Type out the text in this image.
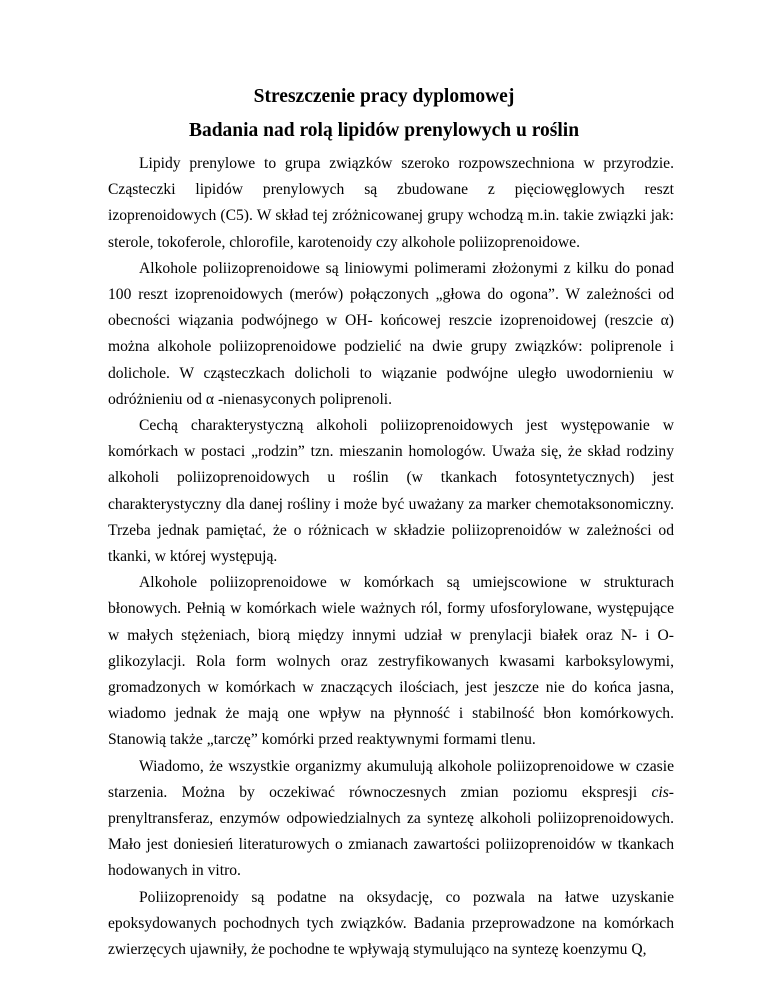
Streszczenie pracy dyplomowej
Badania nad rolą lipidów prenylowych u roślin

Lipidy prenylowe to grupa związków szeroko rozpowszechniona w przyrodzie. Cząsteczki lipidów prenylowych są zbudowane z pięciowęglowych reszt izoprenoidowych (C5). W skład tej zróżnicowanej grupy wchodzą m.in. takie związki jak: sterole, tokoferole, chlorofile, karotenoidy czy alkohole poliizoprenoidowe.

Alkohole poliizoprenoidowe są liniowymi polimerami złożonymi z kilku do ponad 100 reszt izoprenoidowych (merów) połączonych „głowa do ogona”. W zależności od obecności wiązania podwójnego w OH- końcowej reszcie izoprenoidowej (reszcie α) można alkohole poliizoprenoidowe podzielić na dwie grupy związków: poliprenole i dolichole. W cząsteczkach dolicholi to wiązanie podwójne uległo uwodornieniu w odróżnieniu od α -nienasyconych poliprenoli.

Cechą charakterystyczną alkoholi poliizoprenoidowych jest występowanie w komórkach w postaci „rodzin” tzn. mieszanin homologów. Uważa się, że skład rodziny alkoholi poliizoprenoidowych u roślin (w tkankach fotosyntetycznych) jest charakterystyczny dla danej rośliny i może być uważany za marker chemotaksonomiczny. Trzeba jednak pamiętać, że o różnicach w składzie poliizoprenoidów w zależności od tkanki, w której występują.

Alkohole poliizoprenoidowe w komórkach są umiejscowione w strukturach błonowych. Pełnią w komórkach wiele ważnych ról, formy ufosforylowane, występujące w małych stężeniach, biorą między innymi udział w prenylacji białek oraz N- i O-glikozylacji. Rola form wolnych oraz zestryfikowanych kwasami karboksylowymi, gromadzonych w komórkach w znaczących ilościach, jest jeszcze nie do końca jasna, wiadomo jednak że mają one wpływ na płynność i stabilność błon komórkowych. Stanowią także „tarczę” komórki przed reaktywnymi formami tlenu.

Wiadomo, że wszystkie organizmy akumulują alkohole poliizoprenoidowe w czasie starzenia. Można by oczekiwać równoczesnych zmian poziomu ekspresji cis-prenyltransferaz, enzymów odpowiedzialnych za syntezę alkoholi poliizoprenoidowych. Mało jest doniesień literaturowych o zmianach zawartości poliizoprenoidów w tkankach hodowanych in vitro.

Poliizoprenoidy są podatne na oksydację, co pozwala na łatwe uzyskanie epoksydowanych pochodnych tych związków. Badania przeprowadzone na komórkach zwierzęcych ujawniły, że pochodne te wpływają stymulująco na syntezę koenzymu Q,
